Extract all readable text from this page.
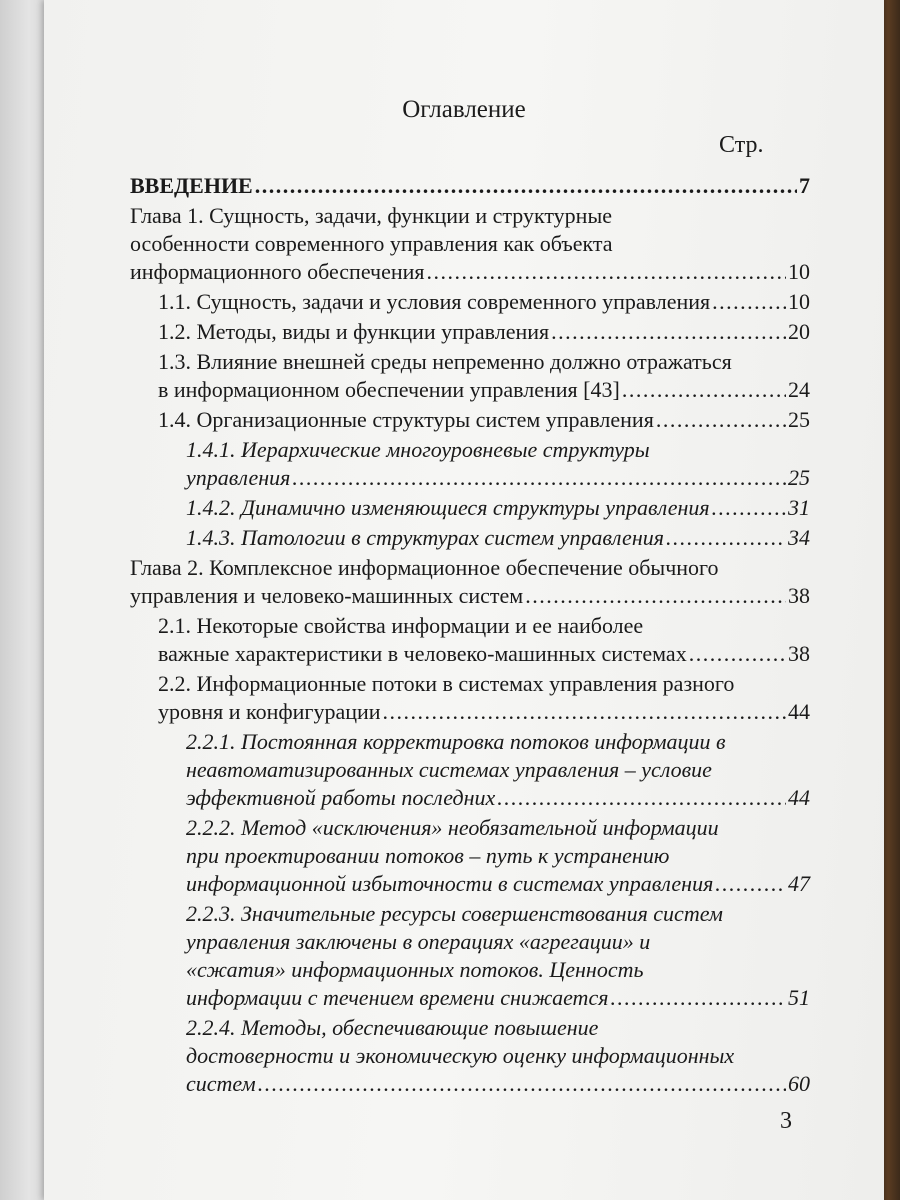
Оглавление
Стр.
ВВЕДЕНИЕ . . .	7
Глава 1. Сущность, задачи, функции и структурные
особенности современного управления как объекта
информационного обеспечения . . .	10
1.1. Сущность, задачи и условия современного управления . . .	10
1.2. Методы, виды и функции управления . . .	20
1.3. Влияние внешней среды непременно должно отражаться
в информационном обеспечении управления [43] . . .	24
1.4. Организационные структуры систем управления . . .	25
1.4.1. Иерархические многоуровневые структуры
управления . . .	25
1.4.2. Динамично изменяющиеся структуры управления . . .	31
1.4.3. Патологии в структурах систем управления . . .	34
Глава 2. Комплексное информационное обеспечение обычного
управления и человеко-машинных систем . . .	38
2.1. Некоторые свойства информации и ее наиболее
важные характеристики в человеко-машинных системах . . .	38
2.2. Информационные потоки в системах управления разного
уровня и конфигурации . . .	44
2.2.1. Постоянная корректировка потоков информации в
неавтоматизированных системах управления – условие
эффективной работы последних . . .	44
2.2.2. Метод «исключения» необязательной информации
при проектировании потоков – путь к устранению
информационной избыточности в системах управления . . .	47
2.2.3. Значительные ресурсы совершенствования систем
управления заключены в операциях «агрегации» и
«сжатия» информационных потоков. Ценность
информации с течением времени снижается . . .	51
2.2.4. Методы, обеспечивающие повышение
достоверности и экономическую оценку информационных
систем . . .	60
3
